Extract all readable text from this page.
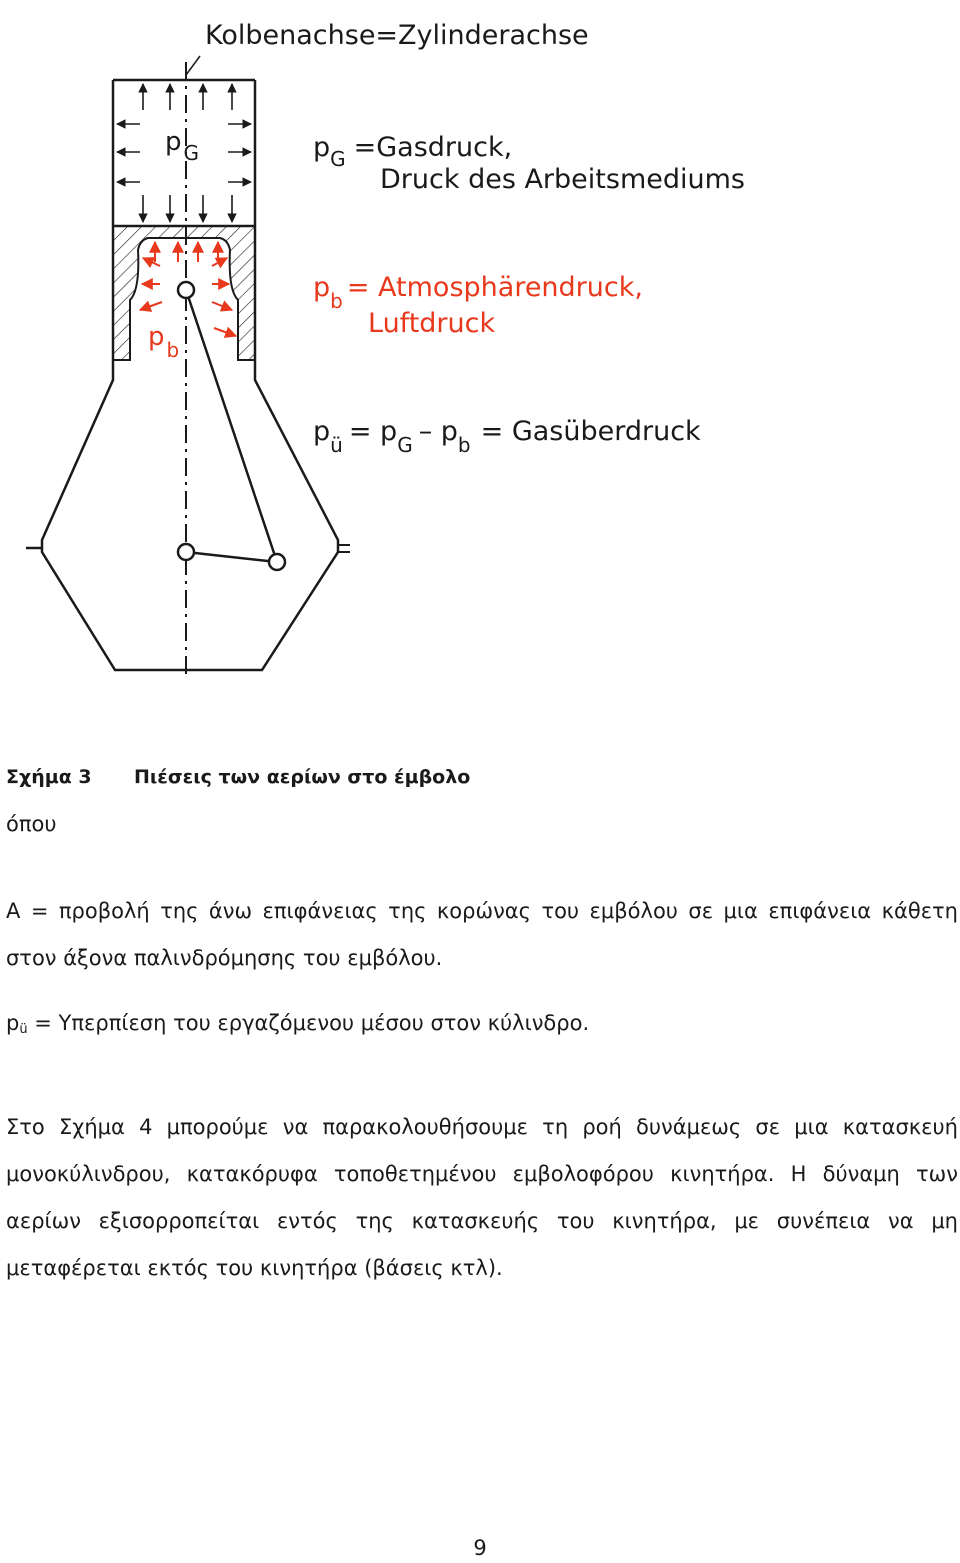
Kolbenachse=Zylinderachse
p $_G$
p $_b$
$p_G$ =Gasdruck,
Druck des Arbeitsmediums
$p_b$ = Atmosphärendruck,
Luftdruck
$p_ü = p_G - p_b$ = Gasüberdruck
Σχήμα 3 Πιέσεις των αερίων στο έμβολο
όπου

Α = προβολή της άνω επιφάνειας της κορώνας του εμβόλου σε μια επιφάνεια κάθετη στον άξονα παλινδρόμησης του εμβόλου.

$p_ü = \Upsilon\pi\varepsilon\rho\pi ί\varepsilon\sigma\eta$ του εργαζόμενου μέσου στον κύλινδρο.

Στο Σχήμα 4 μπορούμε να παρακολουθήσουμε τη ροή δυνάμεως σε μια κατασκευή μονοκύλινδρου, κατακόρυφα τοποθετημένου εμβολοφόρου κινητήρα. Η δύναμη των αερίων εξισορροπείται εντός της κατασκευής του κινητήρα, με συνέπεια να μη μεταφέρεται εκτός του κινητήρα (βάσεις κτλ).

9
